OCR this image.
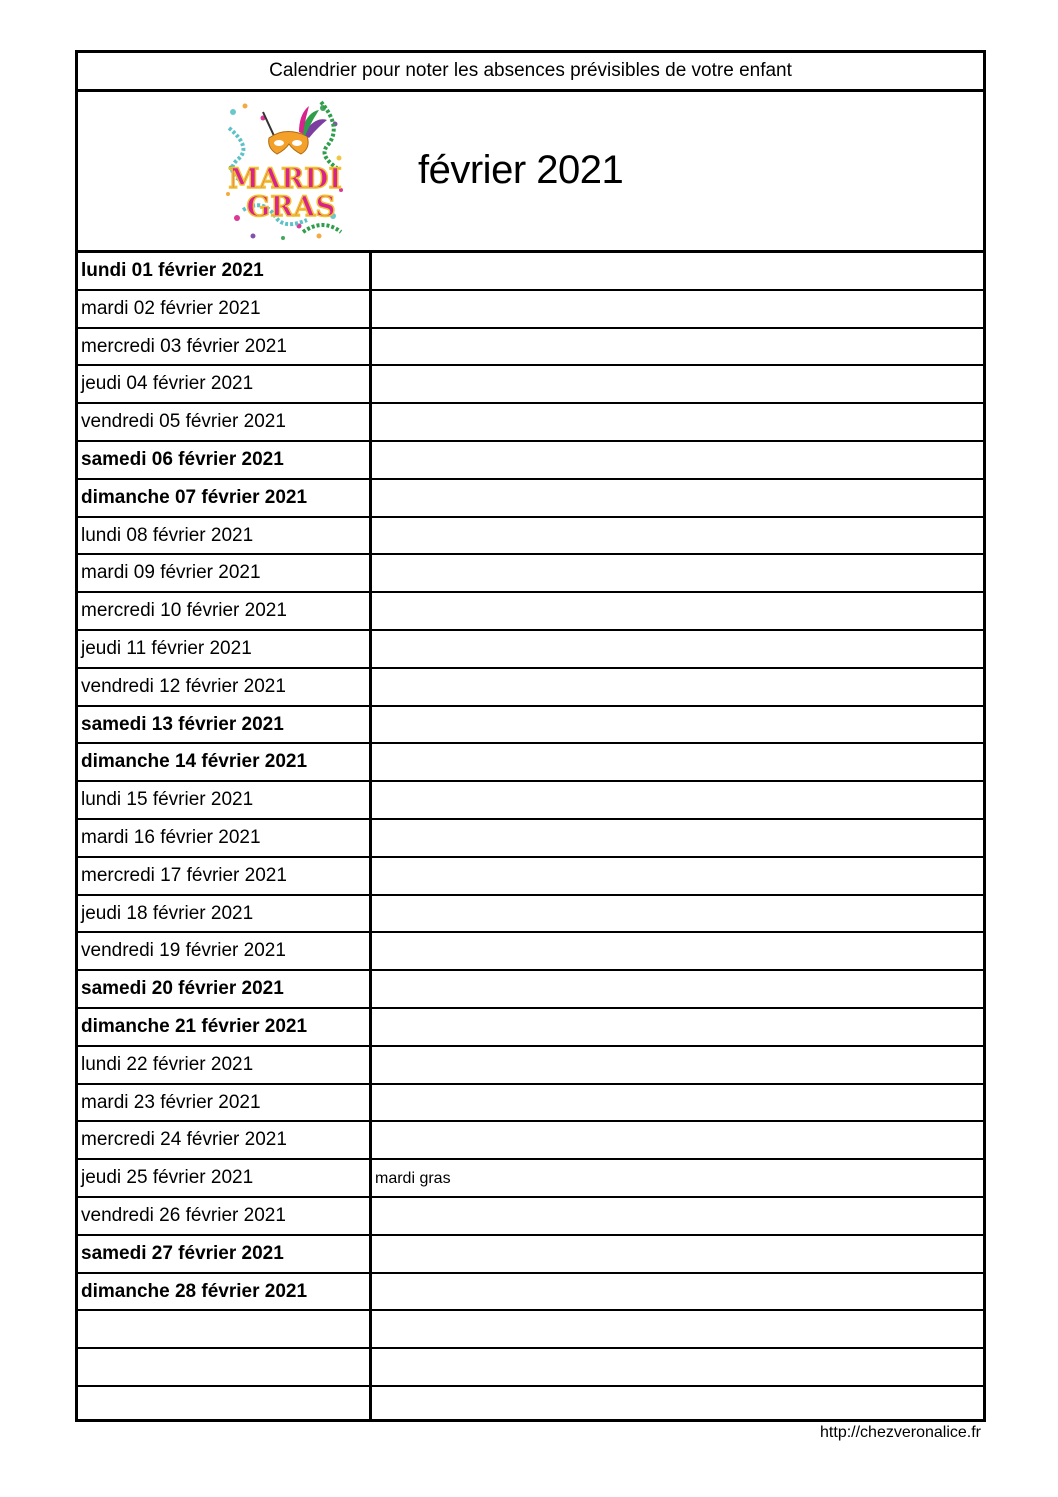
Calendrier pour noter les absences prévisibles de votre enfant
MARDI
GRAS
février 2021
lundi 01 février 2021
mardi 02 février 2021
mercredi 03 février 2021
jeudi 04 février 2021
vendredi 05 février 2021
samedi 06 février 2021
dimanche 07 février 2021
lundi 08 février 2021
mardi 09 février 2021
mercredi 10 février 2021
jeudi 11 février 2021
vendredi 12 février 2021
samedi 13 février 2021
dimanche 14 février 2021
lundi 15 février 2021
mardi 16 février 2021
mercredi 17 février 2021
jeudi 18 février 2021
vendredi 19 février 2021
samedi 20 février 2021
dimanche 21 février 2021
lundi 22 février 2021
mardi 23 février 2021
mercredi 24 février 2021
jeudi 25 février 2021	mardi gras
vendredi 26 février 2021
samedi 27 février 2021
dimanche 28 février 2021
http://chezveronalice.fr
